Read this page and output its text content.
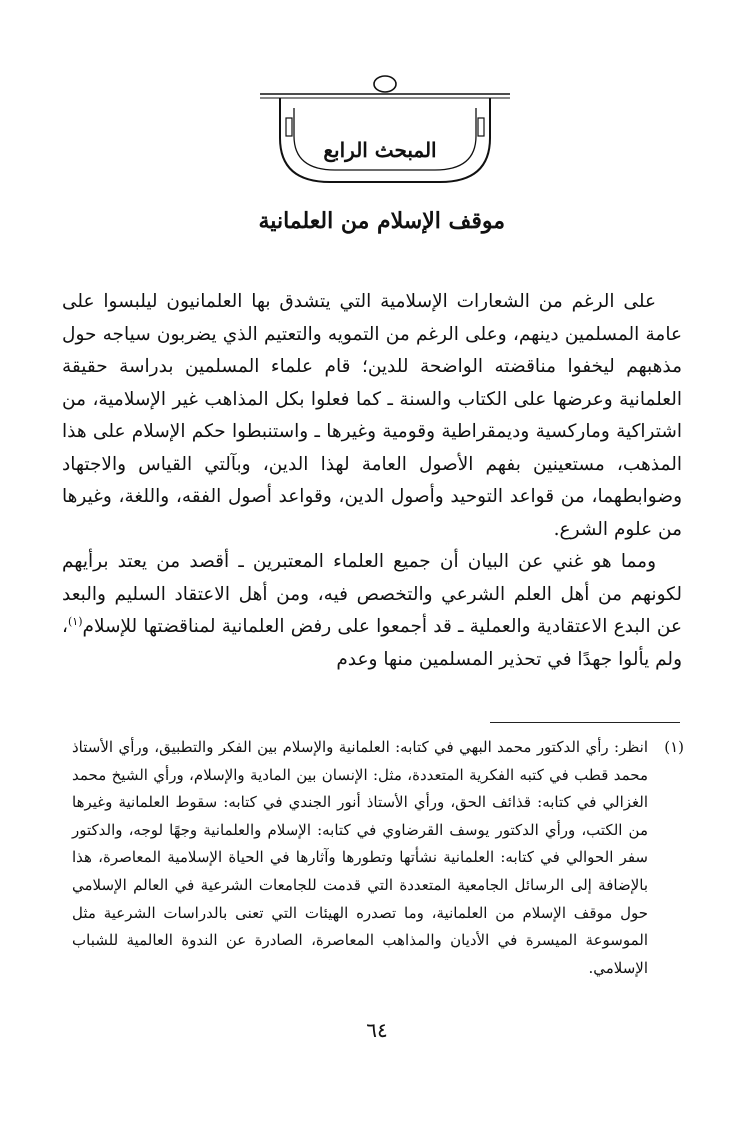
المبحث الرابع
موقف الإسلام من العلمانية

على الرغم من الشعارات الإسلامية التي يتشدق بها العلمانيون ليلبسوا على عامة المسلمين دينهم، وعلى الرغم من التمويه والتعتيم الذي يضربون سياجه حول مذهبهم ليخفوا مناقضته الواضحة للدين؛ قام علماء المسلمين بدراسة حقيقة العلمانية وعرضها على الكتاب والسنة ـ كما فعلوا بكل المذاهب غير الإسلامية، من اشتراكية وماركسية وديمقراطية وقومية وغيرها ـ واستنبطوا حكم الإسلام على هذا المذهب، مستعينين بفهم الأصول العامة لهذا الدين، وبآلتي القياس والاجتهاد وضوابطهما، من قواعد التوحيد وأصول الدين، وقواعد أصول الفقه، واللغة، وغيرها من علوم الشرع.

ومما هو غني عن البيان أن جميع العلماء المعتبرين ـ أقصد من يعتد برأيهم لكونهم من أهل العلم الشرعي والتخصص فيه، ومن أهل الاعتقاد السليم والبعد عن البدع الاعتقادية والعملية ـ قد أجمعوا على رفض العلمانية لمناقضتها للإسلام$^{(١)}$، ولم يألوا جهدًا في تحذير المسلمين منها وعدم

(١)
انظر: رأي الدكتور محمد البهي في كتابه: العلمانية والإسلام بين الفكر والتطبيق، ورأي الأستاذ محمد قطب في كتبه الفكرية المتعددة، مثل: الإنسان بين المادية والإسلام، ورأي الشيخ محمد الغزالي في كتابه: قذائف الحق، ورأي الأستاذ أنور الجندي في كتابه: سقوط العلمانية وغيرها من الكتب، ورأي الدكتور يوسف القرضاوي في كتابه: الإسلام والعلمانية وجهًا لوجه، والدكتور سفر الحوالي في كتابه: العلمانية نشأتها وتطورها وآثارها في الحياة الإسلامية المعاصرة، هذا بالإضافة إلى الرسائل الجامعية المتعددة التي قدمت للجامعات الشرعية في العالم الإسلامي حول موقف الإسلام من العلمانية، وما تصدره الهيئات التي تعنى بالدراسات الشرعية مثل الموسوعة الميسرة في الأديان والمذاهب المعاصرة، الصادرة عن الندوة العالمية للشباب الإسلامي.
٦٤
